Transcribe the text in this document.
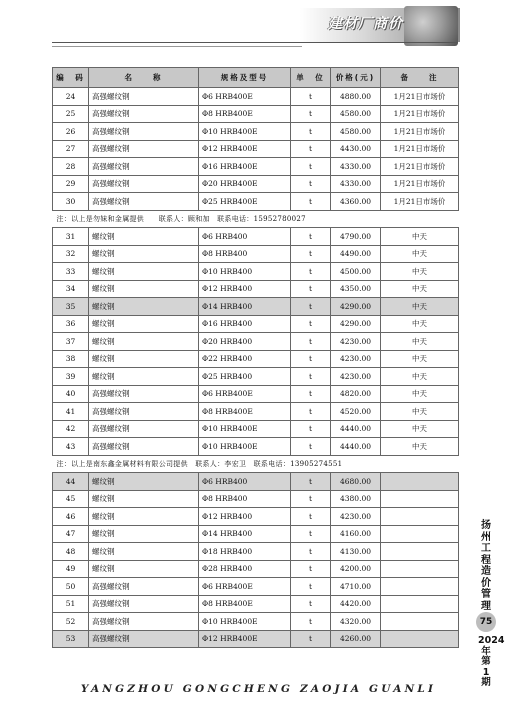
建材厂商价
编　码	名　　称	规格及型号	单　位	价格(元)	备　　注
24	高强螺纹钢	Φ6 HRB400E	t	4880.00	1月21日市场价
25	高强螺纹钢	Φ8 HRB400E	t	4580.00	1月21日市场价
26	高强螺纹钢	Φ10 HRB400E	t	4580.00	1月21日市场价
27	高强螺纹钢	Φ12 HRB400E	t	4430.00	1月21日市场价
28	高强螺纹钢	Φ16 HRB400E	t	4330.00	1月21日市场价
29	高强螺纹钢	Φ20 HRB400E	t	4330.00	1月21日市场价
30	高强螺纹钢	Φ25 HRB400E	t	4360.00	1月21日市场价
注：以上是勿妹和金属提供　　联系人：顾和加　联系电话：15952780027					
31	螺纹钢	Φ6 HRB400	t	4790.00	中天
32	螺纹钢	Φ8 HRB400	t	4490.00	中天
33	螺纹钢	Φ10 HRB400	t	4500.00	中天
34	螺纹钢	Φ12 HRB400	t	4350.00	中天
35	螺纹钢	Φ14 HRB400	t	4290.00	中天
36	螺纹钢	Φ16 HRB400	t	4290.00	中天
37	螺纹钢	Φ20 HRB400	t	4230.00	中天
38	螺纹钢	Φ22 HRB400	t	4230.00	中天
39	螺纹钢	Φ25 HRB400	t	4230.00	中天
40	高强螺纹钢	Φ6 HRB400E	t	4820.00	中天
41	高强螺纹钢	Φ8 HRB400E	t	4520.00	中天
42	高强螺纹钢	Φ10 HRB400E	t	4440.00	中天
43	高强螺纹钢	Φ10 HRB400E	t	4440.00	中天
注：以上是南东鑫金属材料有限公司提供　联系人：李宏卫　联系电话：13905274551					
44	螺纹钢	Φ6 HRB400	t	4680.00	
45	螺纹钢	Φ8 HRB400	t	4380.00	
46	螺纹钢	Φ12 HRB400	t	4230.00	
47	螺纹钢	Φ14 HRB400	t	4160.00	
48	螺纹钢	Φ18 HRB400	t	4130.00	
49	螺纹钢	Φ28 HRB400	t	4200.00	
50	高强螺纹钢	Φ6 HRB400E	t	4710.00	
51	高强螺纹钢	Φ8 HRB400E	t	4420.00	
52	高强螺纹钢	Φ10 HRB400E	t	4320.00	
53	高强螺纹钢	Φ12 HRB400E	t	4260.00	
扬州工程造价管理
75
2024年第1期
YANGZHOU GONGCHENG ZAOJIA GUANLI
